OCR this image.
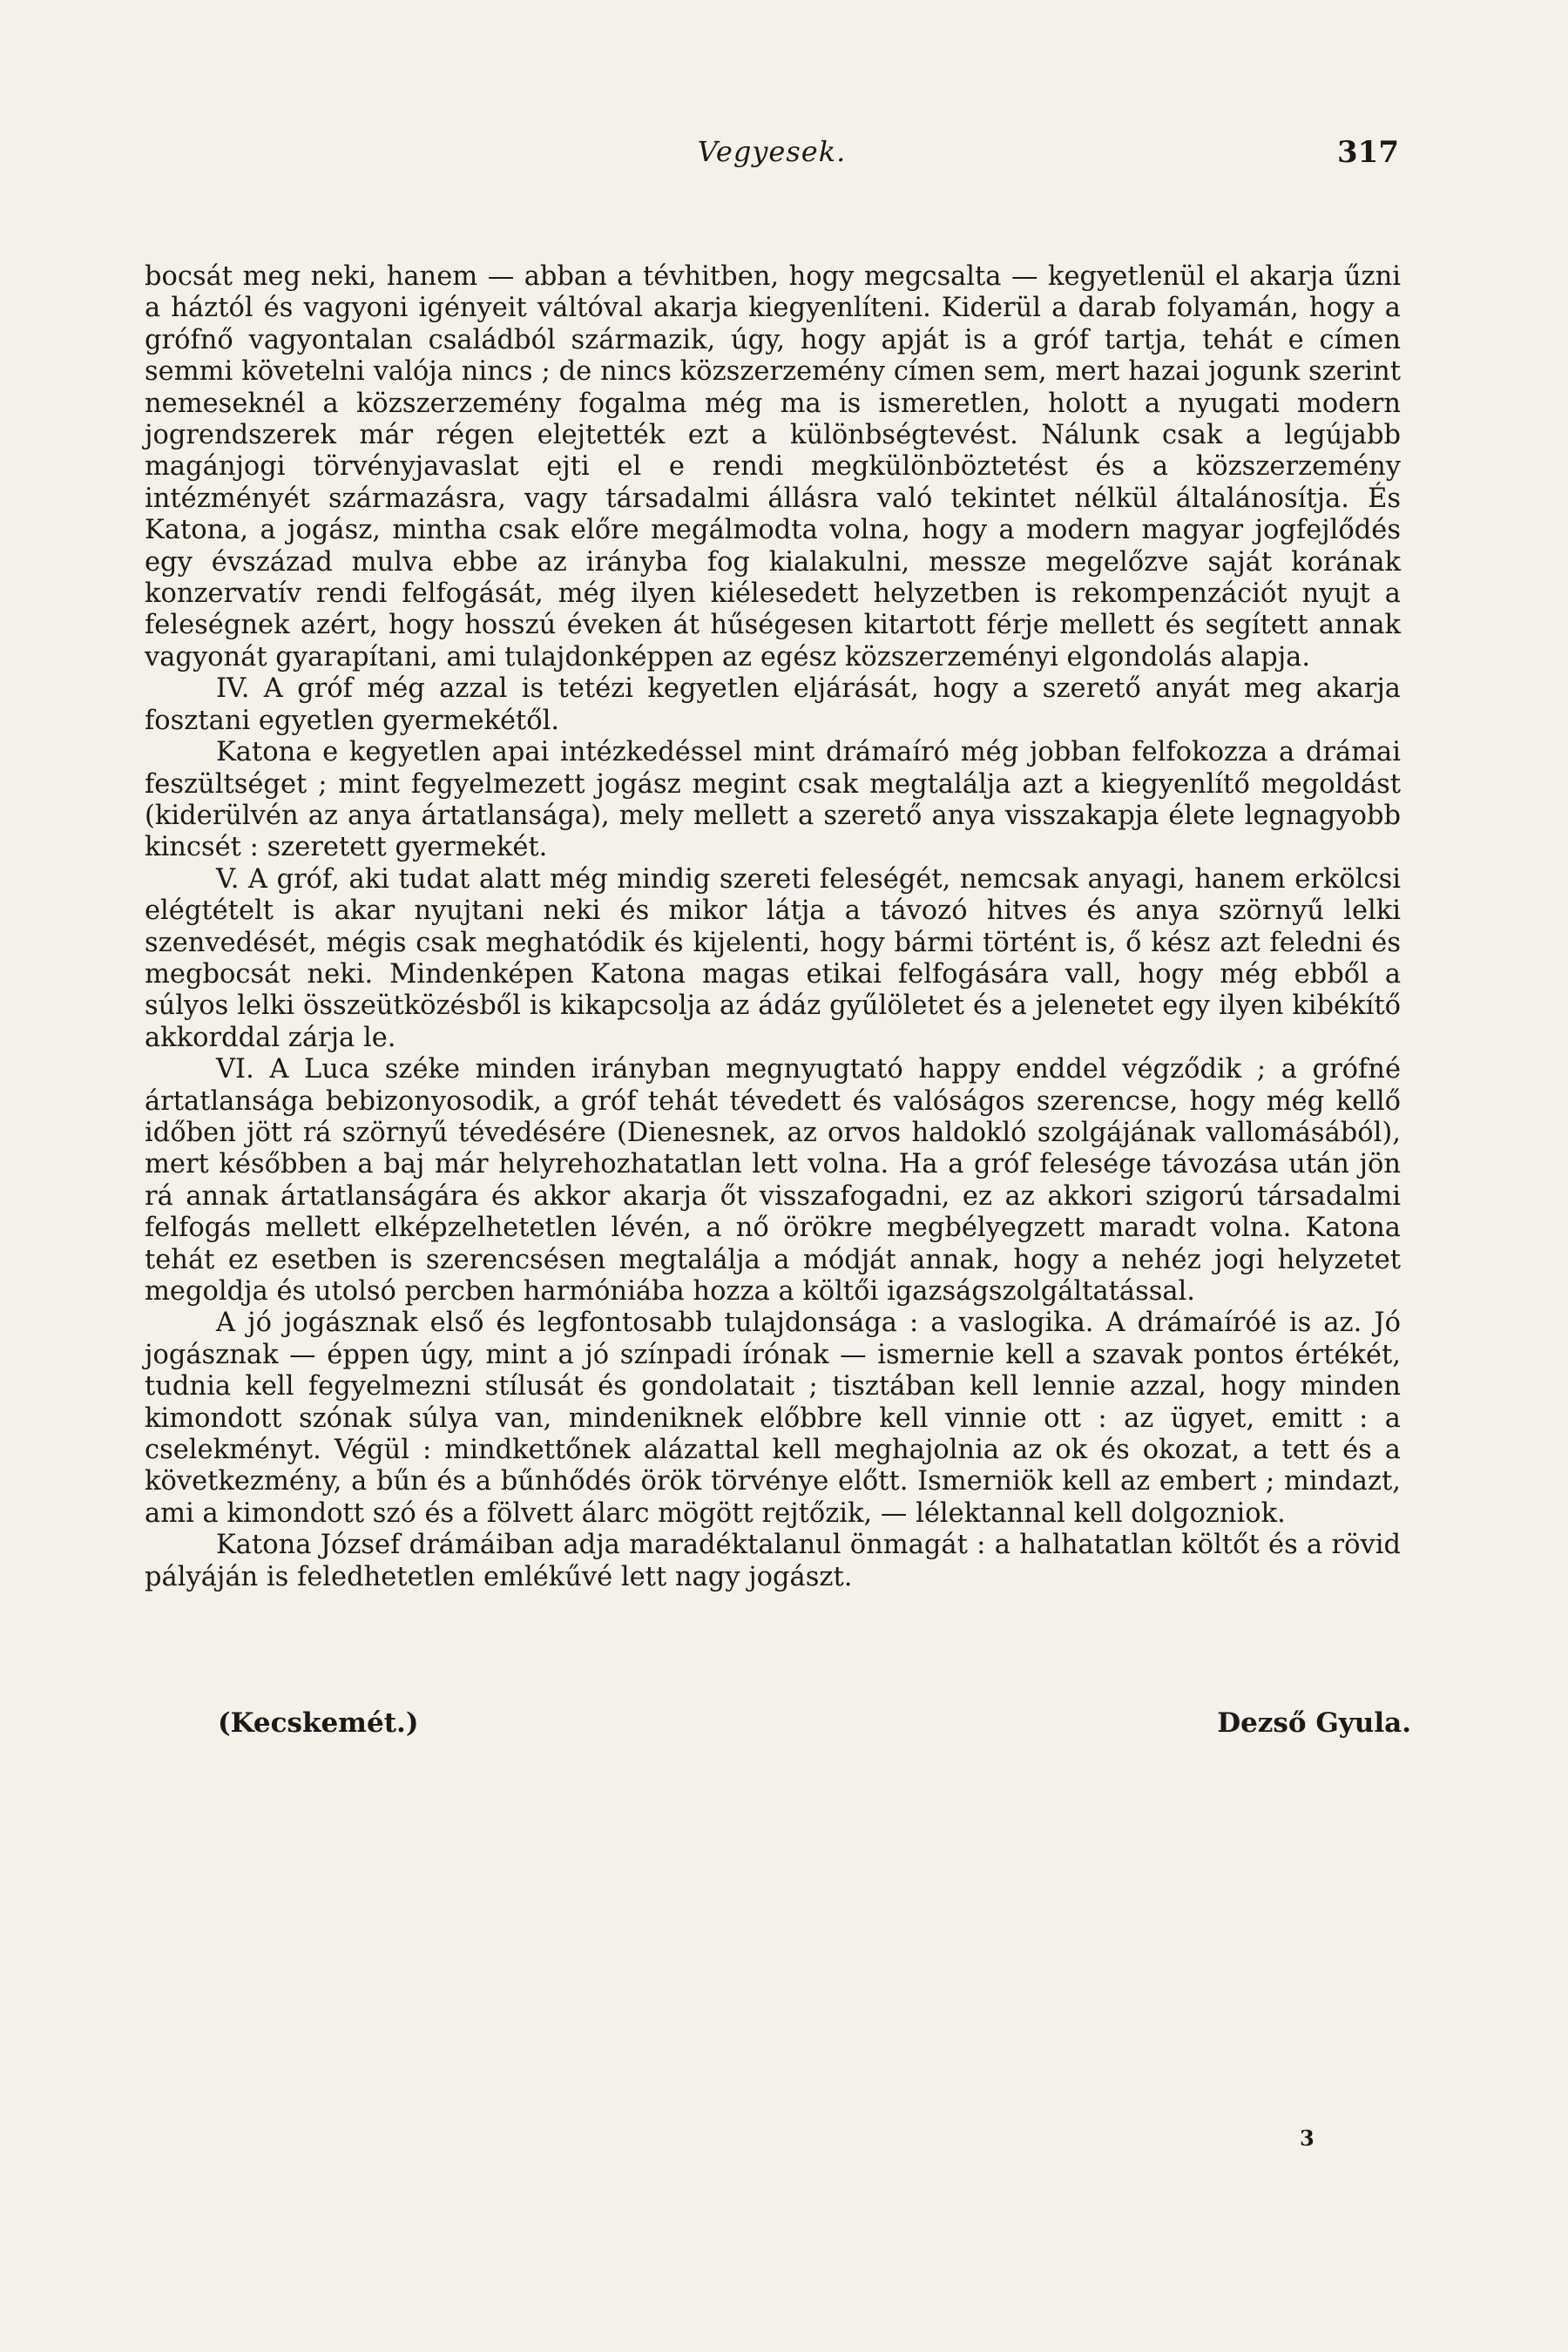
Vegyesek.	317

bocsát meg neki, hanem — abban a tévhitben, hogy megcsalta — kegyetlenül el akarja űzni a háztól és vagyoni igényeit váltóval akarja kiegyenlíteni. Kiderül a darab folyamán, hogy a grófnő vagyontalan családból származik, úgy, hogy apját is a gróf tartja, tehát e címen semmi követelni valója nincs ; de nincs közszerzemény címen sem, mert hazai jogunk szerint nemeseknél a közszerzemény fogalma még ma is ismeretlen, holott a nyugati modern jogrendszerek már régen elejtették ezt a különbségtevést. Nálunk csak a legújabb magánjogi törvényjavaslat ejti el e rendi megkülönböztetést és a közszerzemény intézményét származásra, vagy társadalmi állásra való tekintet nélkül általánosítja. És Katona, a jogász, mintha csak előre megálmodta volna, hogy a modern magyar jogfejlődés egy évszázad mulva ebbe az irányba fog kialakulni, messze megelőzve saját korának konzervatív rendi felfogását, még ilyen kiélesedett helyzetben is rekompenzációt nyujt a feleségnek azért, hogy hosszú éveken át hűségesen kitartott férje mellett és segített annak vagyonát gyarapítani, ami tulajdonképpen az egész közszerzeményi elgondolás alapja.

IV. A gróf még azzal is tetézi kegyetlen eljárását, hogy a szerető anyát meg akarja fosztani egyetlen gyermekétől.

Katona e kegyetlen apai intézkedéssel mint drámaíró még jobban felfokozza a drámai feszültséget ; mint fegyelmezett jogász megint csak megtalálja azt a kiegyenlítő megoldást (kiderülvén az anya ártatlansága), mely mellett a szerető anya visszakapja élete legnagyobb kincsét : szeretett gyermekét.

V. A gróf, aki tudat alatt még mindig szereti feleségét, nemcsak anyagi, hanem erkölcsi elégtételt is akar nyujtani neki és mikor látja a távozó hitves és anya szörnyű lelki szenvedését, mégis csak meghatódik és kijelenti, hogy bármi történt is, ő kész azt feledni és megbocsát neki. Mindenképen Katona magas etikai felfogására vall, hogy még ebből a súlyos lelki összeütközésből is kikapcsolja az ádáz gyűlöletet és a jelenetet egy ilyen kibékítő akkorddal zárja le.

VI. A Luca széke minden irányban megnyugtató happy enddel végződik ; a grófné ártatlansága bebizonyosodik, a gróf tehát tévedett és valóságos szerencse, hogy még kellő időben jött rá szörnyű tévedésére (Dienesnek, az orvos haldokló szolgájának vallomásából), mert későbben a baj már helyrehozhatatlan lett volna. Ha a gróf felesége távozása után jön rá annak ártatlanságára és akkor akarja őt visszafogadni, ez az akkori szigorú társadalmi felfogás mellett elképzelhetetlen lévén, a nő örökre megbélyegzett maradt volna. Katona tehát ez esetben is szerencsésen megtalálja a módját annak, hogy a nehéz jogi helyzetet megoldja és utolsó percben harmóniába hozza a költői igazságszolgáltatással.

A jó jogásznak első és legfontosabb tulajdonsága : a vaslogika. A drámaíróé is az. Jó jogásznak — éppen úgy, mint a jó színpadi írónak — ismernie kell a szavak pontos értékét, tudnia kell fegyelmezni stílusát és gondolatait ; tisztában kell lennie azzal, hogy minden kimondott szónak súlya van, mindeniknek előbbre kell vinnie ott : az ügyet, emitt : a cselekményt. Végül : mindkettőnek alázattal kell meghajolnia az ok és okozat, a tett és a következmény, a bűn és a bűnhődés örök törvénye előtt. Ismerniök kell az embert ; mindazt, ami a kimondott szó és a fölvett álarc mögött rejtőzik, — lélektannal kell dolgozniok.

Katona József drámáiban adja maradéktalanul önmagát : a halhatatlan költőt és a rövid pályáján is feledhetetlen emlékűvé lett nagy jogászt.

(Kecskemét.)	Dezső Gyula.
3
